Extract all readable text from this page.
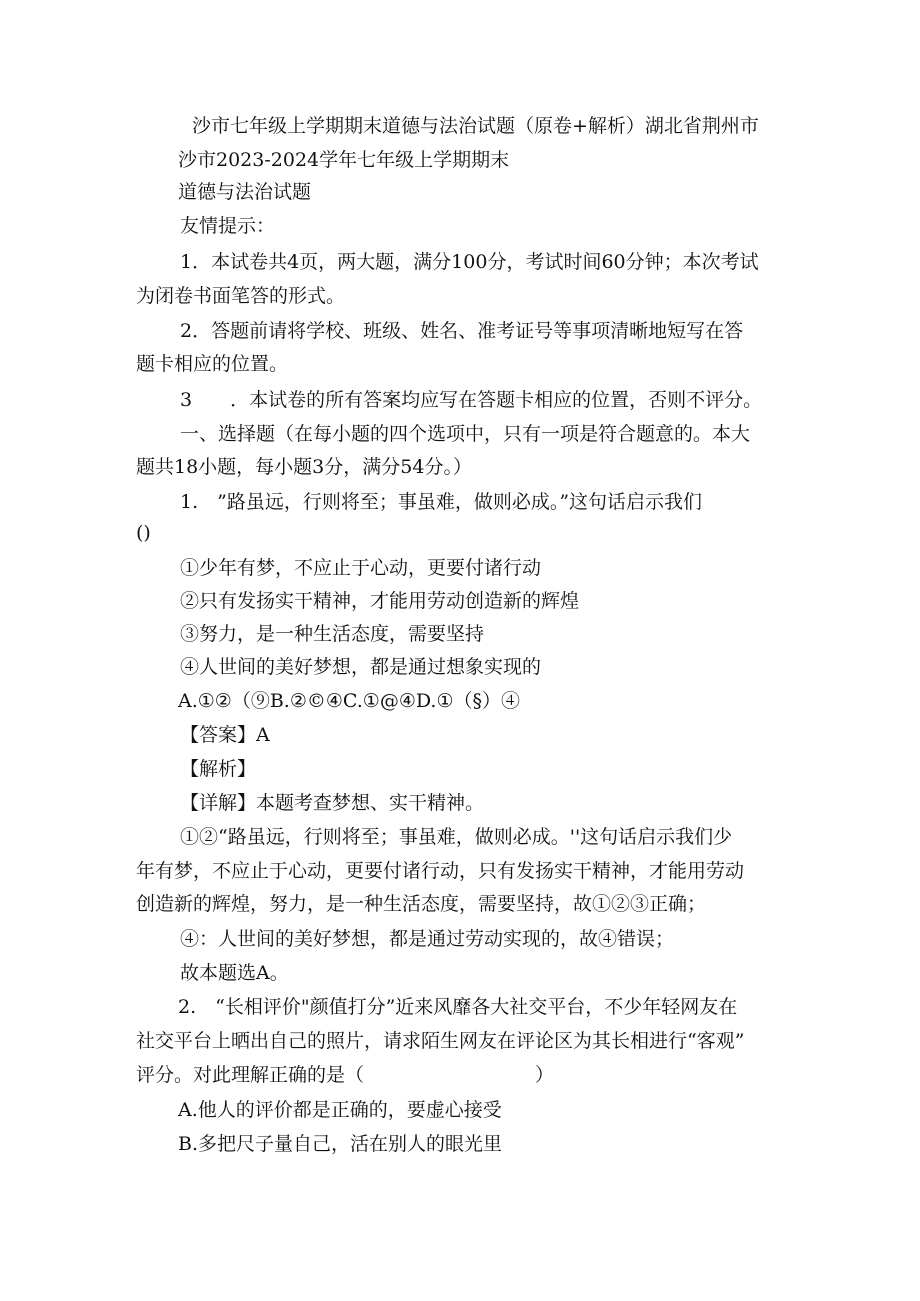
沙市七年级上学期期末道德与法治试题（原卷+解析）湖北省荆州市
沙市2023-2024学年七年级上学期期末
道德与法治试题
友情提示：
1．本试卷共4页，两大题，满分100分，考试时间60分钟；本次考试
为闭卷书面笔答的形式。
2．答题前请将学校、班级、姓名、准考证号等事项清晰地短写在答
题卡相应的位置。
3　　．本试卷的所有答案均应写在答题卡相应的位置，否则不评分。
一、选择题（在每小题的四个选项中，只有一项是符合题意的。本大
题共18小题，每小题3分，满分54分。）
1.　”路虽远，行则将至；事虽难，做则必成。”这句话启示我们
()
①少年有梦，不应止于心动，更要付诸行动
②只有发扬实干精神，才能用劳动创造新的辉煌
③努力，是一种生活态度，需要坚持
④人世间的美好梦想，都是通过想象实现的
A.①②（⑨B.②©④C.①@④D.①（§）④
【答案】A
【解析】
【详解】本题考查梦想、实干精神。
①②“路虽远，行则将至；事虽难，做则必成。''这句话启示我们少
年有梦，不应止于心动，更要付诸行动，只有发扬实干精神，才能用劳动
创造新的辉煌，努力，是一种生活态度，需要坚持，故①②③正确；
④：人世间的美好梦想，都是通过劳动实现的，故④错误；
故本题选A。
2.　“长相评价"颜值打分”近来风靡各大社交平台，不少年轻网友在
社交平台上晒出自己的照片，请求陌生网友在评论区为其长相进行“客观”
评分。对此理解正确的是（　　　　　　　　　）
A.他人的评价都是正确的，要虚心接受
B.多把尺子量自己，活在别人的眼光里
